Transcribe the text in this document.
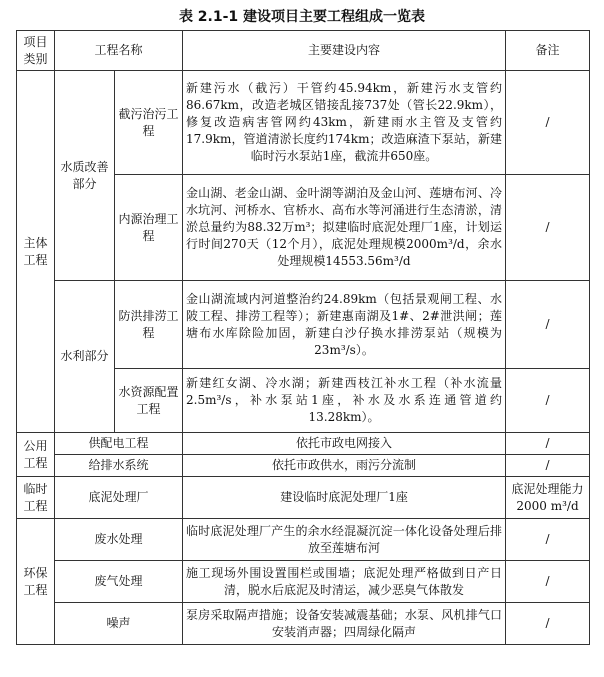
表 2.1-1 建设项目主要工程组成一览表
项目类别	工程名称		主要建设内容	备注
主体工程	水质改善部分	截污治污工程	新建污水（截污）干管约45.94km，新建污水支管约86.67km，改造老城区错接乱接737处（管长22.9km），修复改造病害管网约43km，新建雨水主管及支管约17.9km，管道清淤长度约174km；改造麻渣下泵站，新建临时污水泵站1座，截流井650座。	/
		内源治理工程	金山湖、老金山湖、金叶湖等湖泊及金山河、莲塘布河、冷水坑河、河桥水、官桥水、高布水等河涌进行生态清淤，清淤总量约为88.32万m³；拟建临时底泥处理厂1座，计划运行时间270天（12个月），底泥处理规模2000m³/d，余水处理规模14553.56m³/d	/
	水利部分	防洪排涝工程	金山湖流域内河道整治约24.89km（包括景观闸工程、水陂工程、排涝工程等）；新建惠南湖及1#、2#泄洪闸；莲塘布水库除险加固，新建白沙仔换水排涝泵站（规模为23m³/s）。	/
		水资源配置工程	新建红女湖、冷水湖；新建西枝江补水工程（补水流量2.5m³/s，补水泵站1座，补水及水系连通管道约13.28km）。	/
公用工程	供配电工程		依托市政电网接入	/
	给排水系统		依托市政供水，雨污分流制	/
临时工程	底泥处理厂		建设临时底泥处理厂1座	底泥处理能力2000 m³/d
环保工程	废水处理		临时底泥处理厂产生的余水经混凝沉淀一体化设备处理后排放至莲塘布河	/
	废气处理		施工现场外围设置围栏或围墙；底泥处理严格做到日产日清，脱水后底泥及时清运，减少恶臭气体散发	/
	噪声		泵房采取隔声措施；设备安装减震基础；水泵、风机排气口安装消声器；四周绿化隔声	/
